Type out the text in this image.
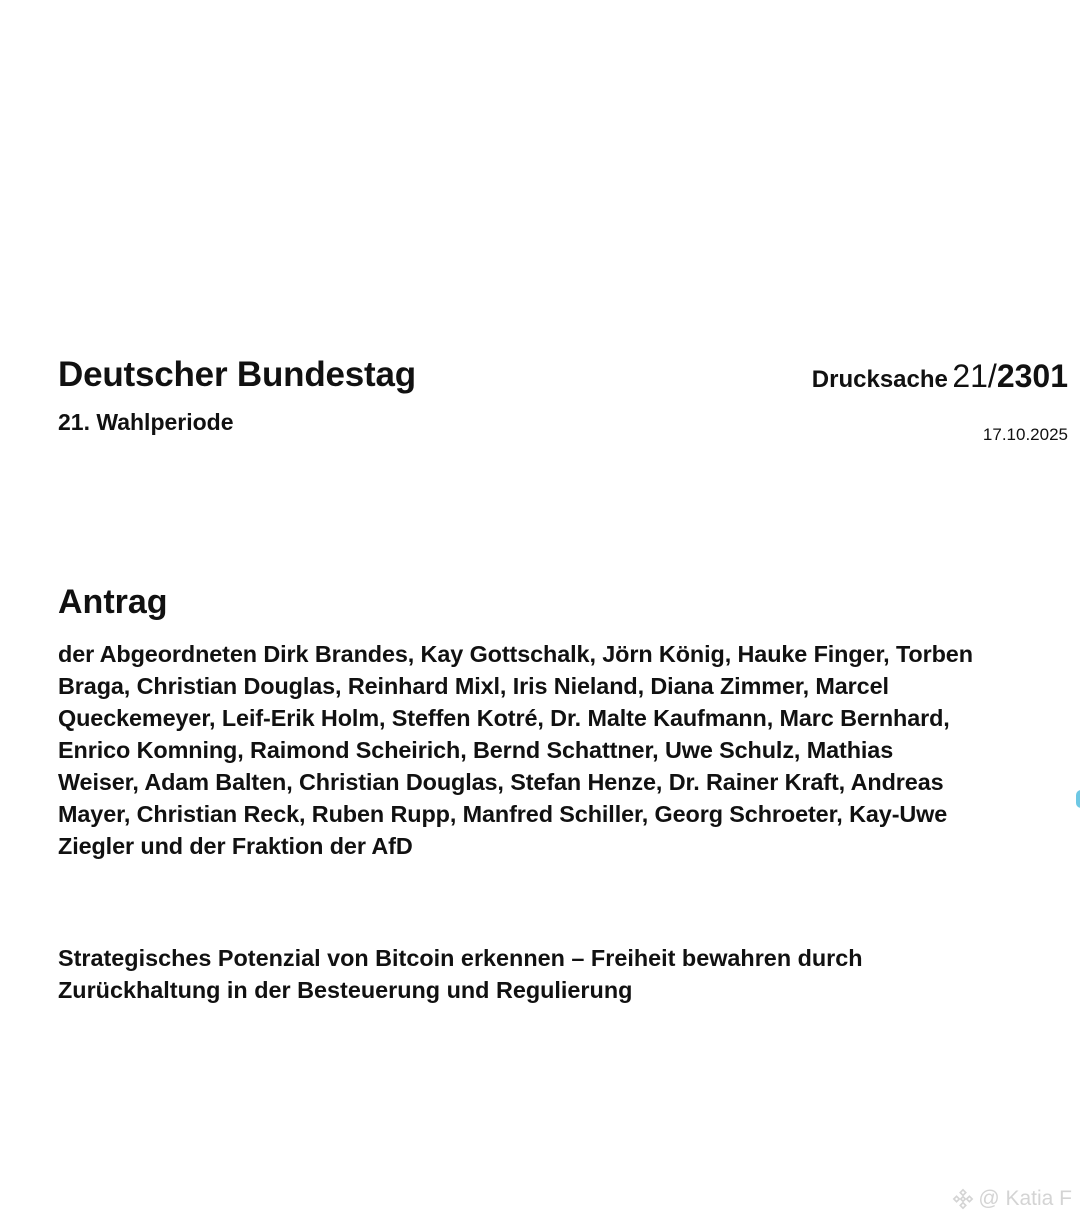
Deutscher Bundestag
21. Wahlperiode
Drucksache 21/2301
17.10.2025
Antrag
der Abgeordneten Dirk Brandes, Kay Gottschalk, Jörn König, Hauke Finger, Torben
Braga, Christian Douglas, Reinhard Mixl, Iris Nieland, Diana Zimmer, Marcel
Queckemeyer, Leif-Erik Holm, Steffen Kotré, Dr. Malte Kaufmann, Marc Bernhard,
Enrico Komning, Raimond Scheirich, Bernd Schattner, Uwe Schulz, Mathias
Weiser, Adam Balten, Christian Douglas, Stefan Henze, Dr. Rainer Kraft, Andreas
Mayer, Christian Reck, Ruben Rupp, Manfred Schiller, Georg Schroeter, Kay-Uwe
Ziegler und der Fraktion der AfD
Strategisches Potenzial von Bitcoin erkennen – Freiheit bewahren durch
Zurückhaltung in der Besteuerung und Regulierung
@ Katia F
